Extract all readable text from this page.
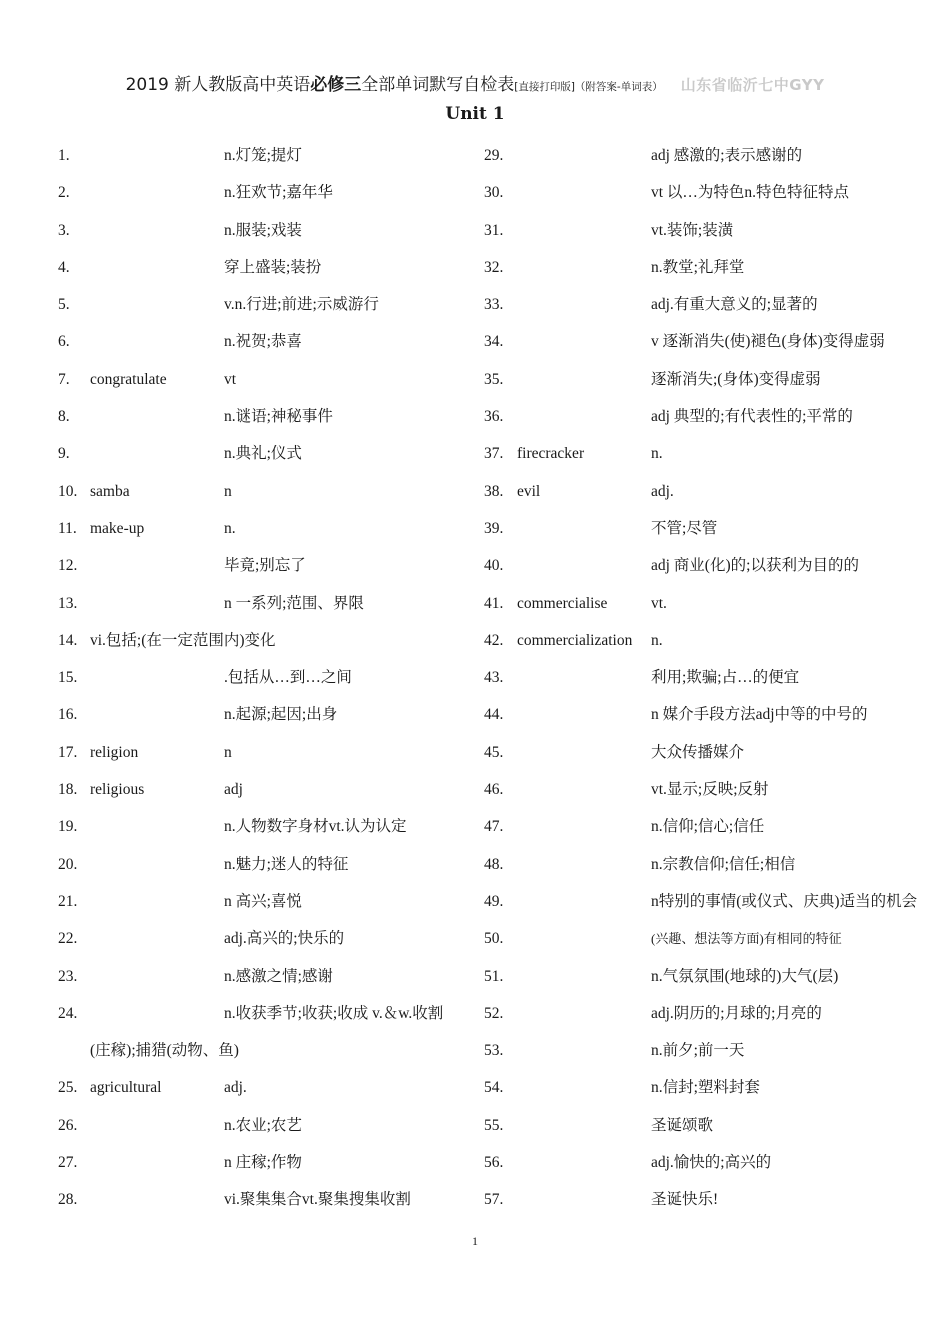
2019 新人教版高中英语必修三全部单词默写自检表[直接打印版]（附答案-单词表） 山东省临沂七中GYY
Unit 1
1.	n.灯笼;提灯
2.	n.狂欢节;嘉年华
3.	n.服装;戏装
4.	穿上盛装;装扮
5.	v.n.行进;前进;示威游行
6.	n.祝贺;恭喜
7. congratulate	vt
8.	n.谜语;神秘事件
9.	n.典礼;仪式
10. samba	n
11. make-up	n.
12.	毕竟;别忘了
13.	n 一系列;范围、界限
14. vi.包括;(在一定范围内)变化
15.	.包括从…到…之间
16.	n.起源;起因;出身
17. religion	n
18. religious	adj
19.	n.人物数字身材vt.认为认定
20.	n.魅力;迷人的特征
21.	n 高兴;喜悦
22.	adj.高兴的;快乐的
23.	n.感激之情;感谢
24.	n.收获季节;收获;收成 v.＆w.收割
(庄稼);捕猎(动物、鱼)
25. agricultural	adj.
26.	n.农业;农艺
27.	n 庄稼;作物
28.	vi.聚集集合vt.聚集搜集收割
29.	adj 感激的;表示感谢的
30.	vt 以…为特色n.特色特征特点
31.	vt.装饰;装潢
32.	n.教堂;礼拜堂
33.	adj.有重大意义的;显著的
34.	v 逐渐消失(使)褪色(身体)变得虚弱
35.	逐渐消失;(身体)变得虚弱
36.	adj 典型的;有代表性的;平常的
37. firecracker	n.
38. evil	adj.
39.	不管;尽管
40.	adj 商业(化)的;以获利为目的的
41. commercialise	vt.
42. commercialization n.
43.	利用;欺骗;占…的便宜
44.	n 媒介手段方法adj中等的中号的
45.	大众传播媒介
46.	vt.显示;反映;反射
47.	n.信仰;信心;信任
48.	n.宗教信仰;信任;相信
49.	n特别的事情(或仪式、庆典)适当的机会
50.	(兴趣、想法等方面)有相同的特征
51.	n.气氛氛围(地球的)大气(层)
52.	adj.阴历的;月球的;月亮的
53.	n.前夕;前一天
54.	n.信封;塑料封套
55.	圣诞颂歌
56.	adj.愉快的;高兴的
57.	圣诞快乐!
1
